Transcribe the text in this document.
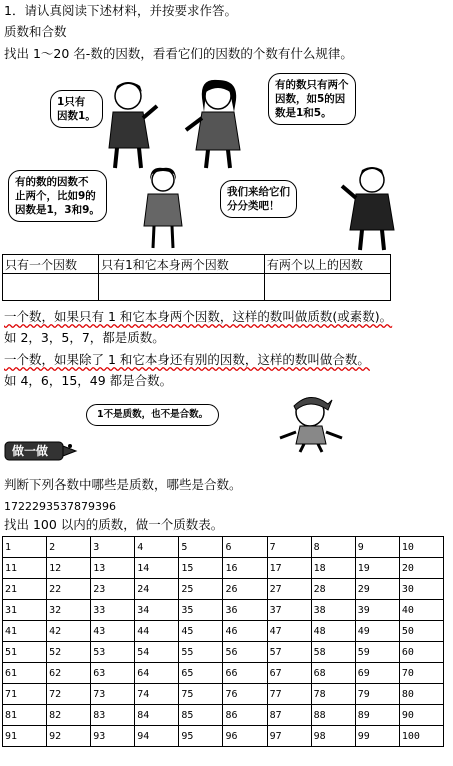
1．请认真阅读下述材料，并按要求作答。
质数和合数
找出 1～20 名-数的因数，看看它们的因数的个数有什么规律。
1只有
因数1。
有的数只有两个
因数，如5的因
数是1和5。
有的数的因数不
止两个，比如9的
因数是1，3和9。
我们来给它们
分分类吧！
只有一个因数	只有1和它本身两个因数	有两个以上的因数

一个数，如果只有 1 和它本身两个因数，这样的数叫做质数(或素数)。
如 2，3，5，7，都是质数。
一个数，如果除了 1 和它本身还有别的因数，这样的数叫做合数。
如 4，6，15，49 都是合数。
1不是质数，也不是合数。
做一做
判断下列各数中哪些是质数，哪些是合数。
1722293537879396
找出 100 以内的质数，做一个质数表。
1	2	3	4	5	6	7	8	9	10
11	12	13	14	15	16	17	18	19	20
21	22	23	24	25	26	27	28	29	30
31	32	33	34	35	36	37	38	39	40
41	42	43	44	45	46	47	48	49	50
51	52	53	54	55	56	57	58	59	60
61	62	63	64	65	66	67	68	69	70
71	72	73	74	75	76	77	78	79	80
81	82	83	84	85	86	87	88	89	90
91	92	93	94	95	96	97	98	99	100
